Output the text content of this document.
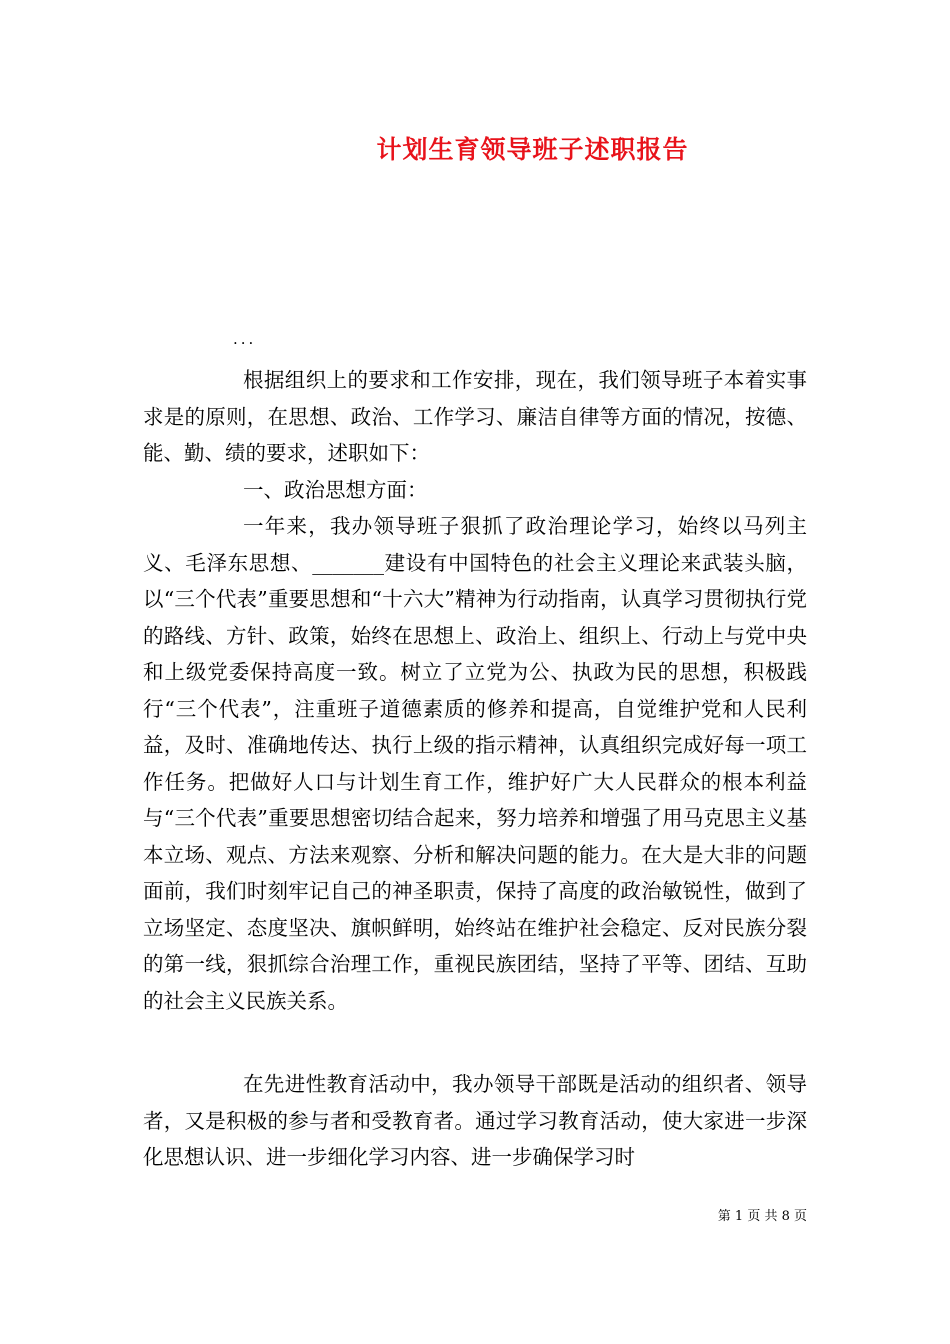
计划生育领导班子述职报告
...

根据组织上的要求和工作安排，现在，我们领导班子本着实事求是的原则，在思想、政治、工作学习、廉洁自律等方面的情况，按德、能、勤、绩的要求，述职如下：

一、政治思想方面：

一年来，我办领导班子狠抓了政治理论学习，始终以马列主义、毛泽东思想、_______建设有中国特色的社会主义理论来武装头脑，以“三个代表”重要思想和“十六大”精神为行动指南，认真学习贯彻执行党的路线、方针、政策，始终在思想上、政治上、组织上、行动上与党中央和上级党委保持高度一致。树立了立党为公、执政为民的思想，积极践行“三个代表”，注重班子道德素质的修养和提高，自觉维护党和人民利益，及时、准确地传达、执行上级的指示精神，认真组织完成好每一项工作任务。把做好人口与计划生育工作，维护好广大人民群众的根本利益与“三个代表”重要思想密切结合起来，努力培养和增强了用马克思主义基本立场、观点、方法来观察、分析和解决问题的能力。在大是大非的问题面前，我们时刻牢记自己的神圣职责，保持了高度的政治敏锐性，做到了立场坚定、态度坚决、旗帜鲜明，始终站在维护社会稳定、反对民族分裂的第一线，狠抓综合治理工作，重视民族团结，坚持了平等、团结、互助的社会主义民族关系。

在先进性教育活动中，我办领导干部既是活动的组织者、领导者，又是积极的参与者和受教育者。通过学习教育活动，使大家进一步深化思想认识、进一步细化学习内容、进一步确保学习时

第 1 页 共 8 页
